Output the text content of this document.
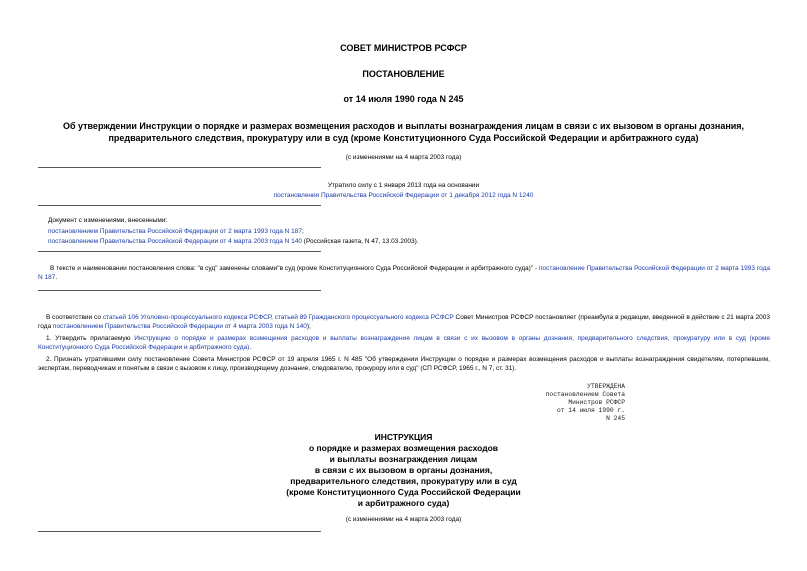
СОВЕТ МИНИСТРОВ РСФСР
ПОСТАНОВЛЕНИЕ
от 14 июля 1990 года N 245
Об утверждении Инструкции о порядке и размерах возмещения расходов и выплаты вознаграждения лицам в связи с их вызовом в органы дознания,
предварительного следствия, прокуратуру или в суд (кроме Конституционного Суда Российской Федерации и арбитражного суда)
(с изменениями на 4 марта 2003 года)
Утратило силу с 1 января 2013 года на основании
постановления Правительства Российской Федерации от 1 декабря 2012 года N 1240
Документ с изменениями, внесенными:
постановлением Правительства Российской Федерации от 2 марта 1993 года N 187;
постановлением Правительства Российской Федерации от 4 марта 2003 года N 140 (Российская газета, N 47, 13.03.2003).
В тексте и наименовании постановления слова: "в суд" заменены словами"в суд (кроме Конституционного Суда Российской Федерации и арбитражного суда)" - постановление Правительства Российской Федерации от 2 марта 1993 года N 187.
В соответствии со статьей 106 Уголовно-процессуального кодекса РСФСР, статьей 89 Гражданского процессуального кодекса РСФСР Совет Министров РСФСР постановляет (преамбула в редакции, введенной в действие с 21 марта 2003 года постановлением Правительства Российской Федерации от 4 марта 2003 года N 140);
1. Утвердить прилагаемую Инструкцию о порядке и размерах возмещения расходов и выплаты вознаграждения лицам в связи с их вызовом в органы дознания, предварительного следствия, прокуратуру или в суд (кроме Конституционного Суда Российской Федерации и арбитражного суда).
2. Признать утратившими силу постановление Совета Министров РСФСР от 19 апреля 1965 г. N 485 "Об утверждении Инструкции о порядке и размерах возмещения расходов и выплаты вознаграждения свидетелям, потерпевшим, экспертам, переводчикам и понятым в связи с вызовом к лицу, производящему дознание, следователю, прокурору или в суд" (СП РСФСР, 1965 г., N 7, ст. 31).
УТВЕРЖДЕНА
постановлением Совета
Министров РСФСР
от 14 июля 1990 г.
N 245
ИНСТРУКЦИЯ
о порядке и размерах возмещения расходов
и выплаты вознаграждения лицам
в связи с их вызовом в органы дознания,
предварительного следствия, прокуратуру или в суд
(кроме Конституционного Суда Российской Федерации
и арбитражного суда)
(с изменениями на 4 марта 2003 года)
